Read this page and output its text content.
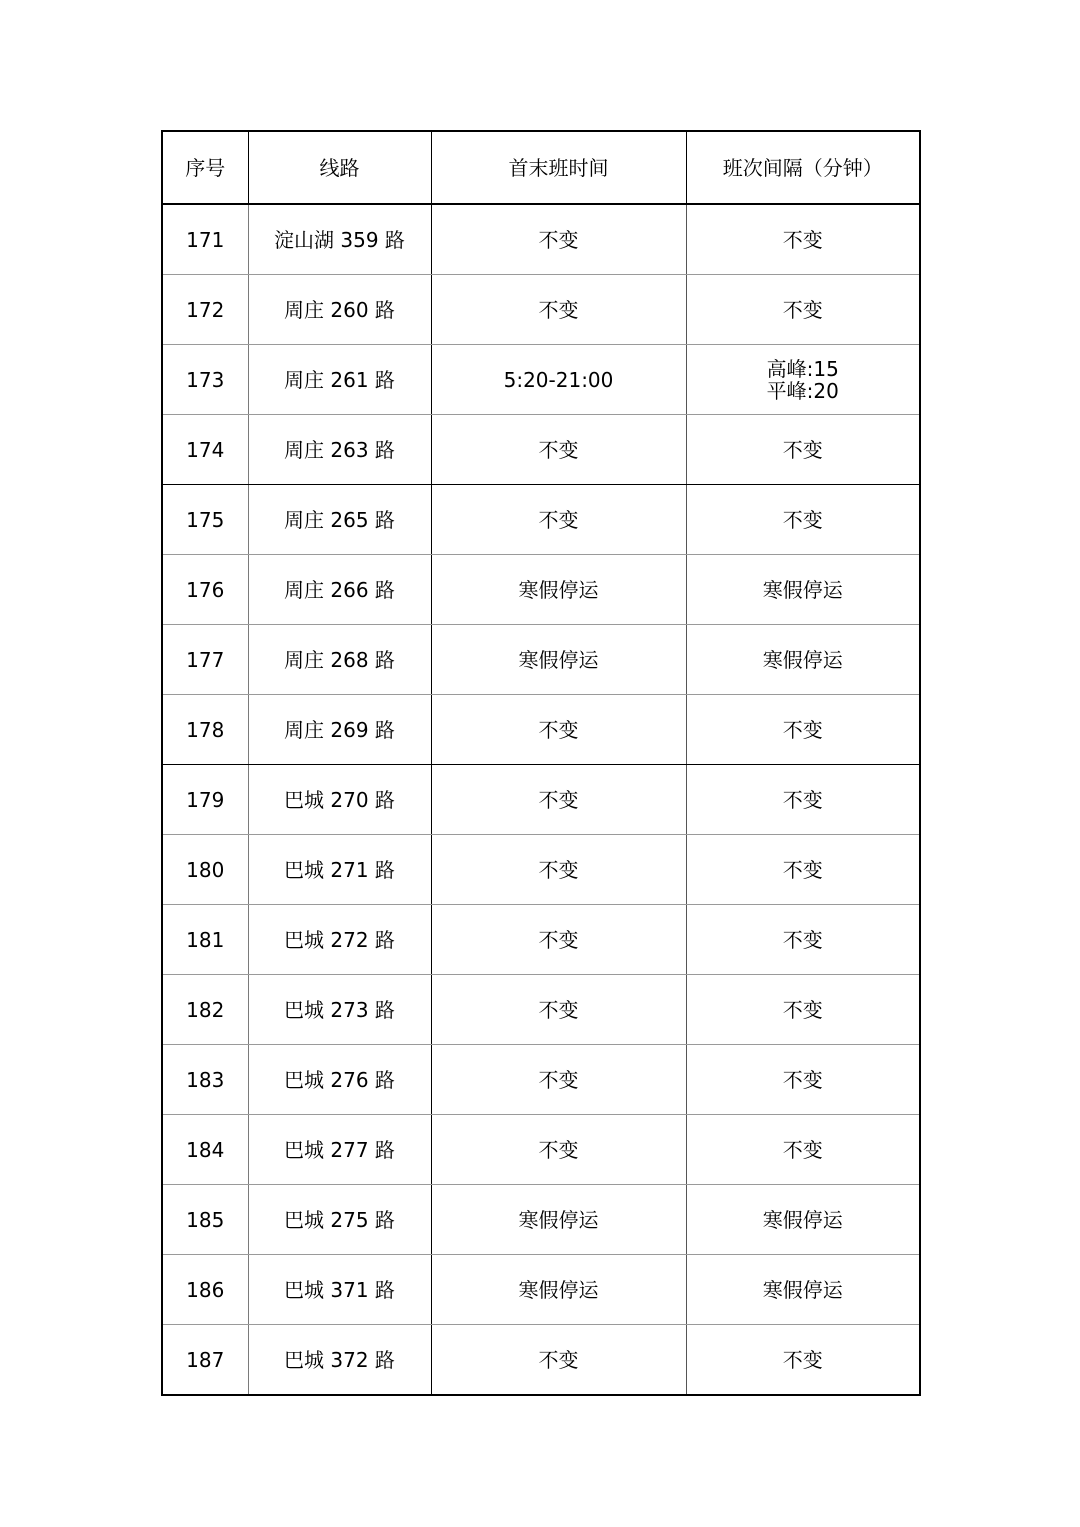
序号	线路	首末班时间	班次间隔（分钟）
171	淀山湖 359 路	不变	不变

172	周庄 260 路	不变	不变

173	周庄 261 路	5:20-21:00	高峰:15
平峰:20

174	周庄 263 路	不变	不变

175	周庄 265 路	不变	不变

176	周庄 266 路	寒假停运	寒假停运

177	周庄 268 路	寒假停运	寒假停运

178	周庄 269 路	不变	不变

179	巴城 270 路	不变	不变

180	巴城 271 路	不变	不变

181	巴城 272 路	不变	不变

182	巴城 273 路	不变	不变

183	巴城 276 路	不变	不变

184	巴城 277 路	不变	不变

185	巴城 275 路	寒假停运	寒假停运

186	巴城 371 路	寒假停运	寒假停运

187	巴城 372 路	不变	不变
